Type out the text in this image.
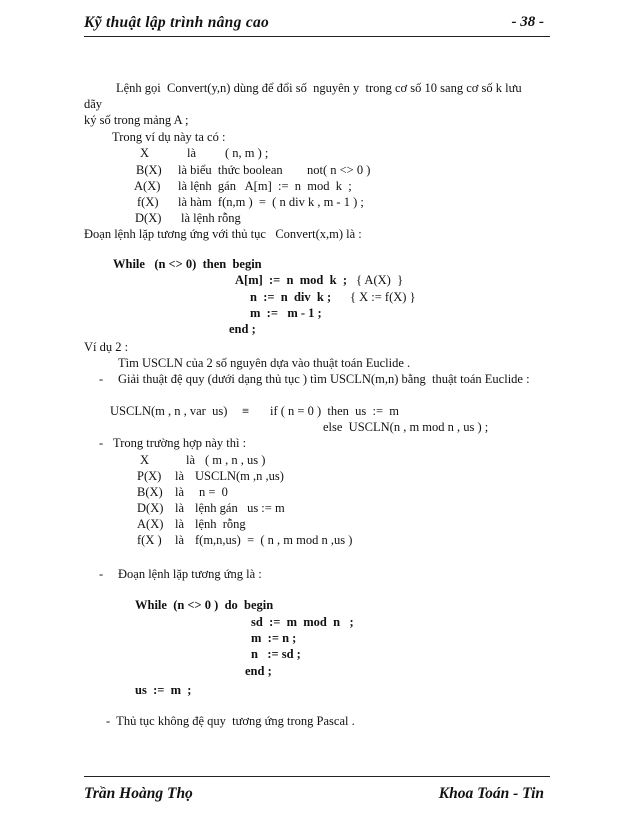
Kỹ thuật lập trình nâng cao	- 38 -
Lệnh gọi  Convert(y,n) dùng để đổi số  nguyên y  trong cơ số 10 sang cơ số k lưu
dãy
ký số trong mảng A ;
Trong ví dụ này ta có :
X	là ( n, m ) ;
B(X) là biểu  thức boolean not( n <> 0 )
A(X) là lệnh  gán   A[m]  :=  n  mod  k  ;
f(X) là hàm  f(n,m )  =  ( n div k , m - 1 ) ;
D(X) là lệnh rỗng
Đoạn lệnh lặp tương ứng với thủ tục   Convert(x,m) là :
While   (n <> 0)  then  begin
A[m]  :=  n  mod  k  ; { A(X)  }
n  :=  n  div  k ; { X := f(X) }
m  :=   m - 1 ;
end ;
Ví dụ 2 :
Tìm USCLN của 2 số nguyên dựa vào thuật toán Euclide .
- Giải thuật đệ quy (dưới dạng thủ tục ) tìm USCLN(m,n) bằng  thuật toán Euclide :
USCLN(m , n , var  us) ≡ if ( n = 0 )  then  us  :=  m
else  USCLN(n , m mod n , us ) ;
- Trong trường hợp này thì :
X	là ( m , n , us )
P(X) là USCLN(m ,n ,us)
B(X) là n =  0
D(X) là lệnh gán   us := m
A(X) là lệnh  rỗng
f(X ) là f(m,n,us)  =  ( n , m mod n ,us )
- Đoạn lệnh lặp tương ứng là :
While  (n <> 0 )  do  begin
sd  :=  m  mod  n   ;
m  := n ;
n   := sd ;
end ;
us  :=  m  ;
-  Thủ tục không đệ quy  tương ứng trong Pascal .
Trần Hoàng Thọ	Khoa Toán - Tin
